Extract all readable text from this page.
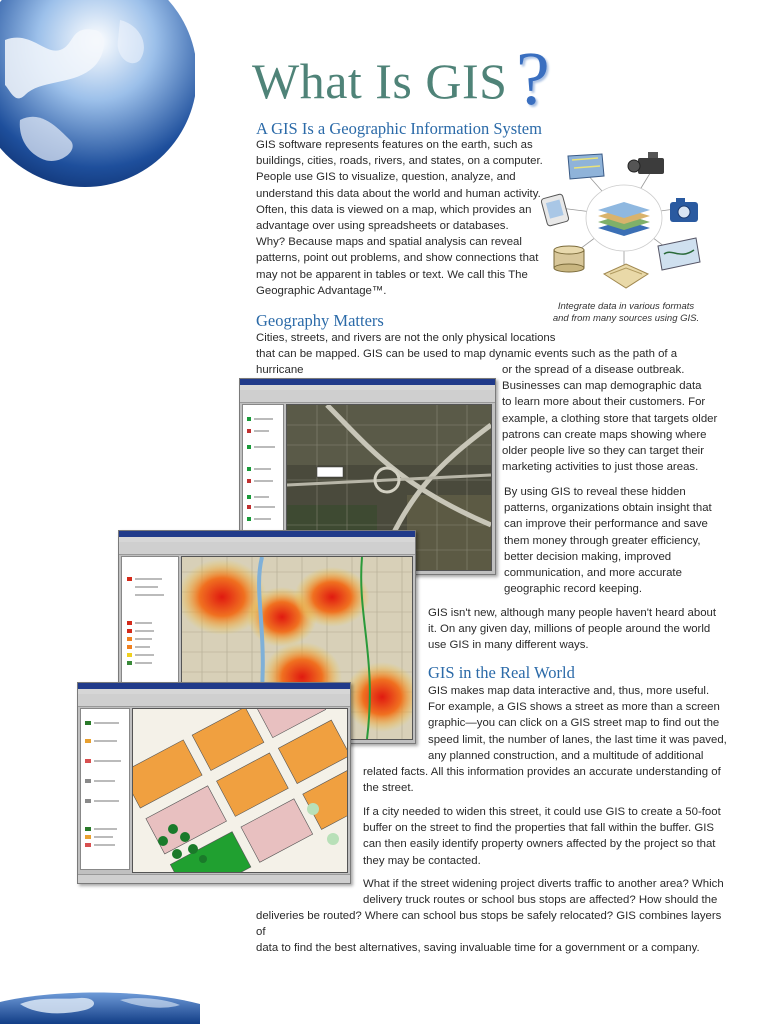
What Is GIS ?
A GIS Is a Geographic Information System

GIS software represents features on the earth, such as

buildings, cities, roads, rivers, and states, on a computer.

People use GIS to visualize, question, analyze, and

understand this data about the world and human activity.

Often, this data is viewed on a map, which provides an

advantage over using spreadsheets or databases.

Why? Because maps and spatial analysis can reveal

patterns, point out problems, and show connections that

may not be apparent in tables or text. We call this The

Geographic Advantage™.

Integrate data in various formats
and from many sources using GIS.
Geography Matters

Cities, streets, and rivers are not the only physical locations

that can be mapped. GIS can be used to map dynamic events such as the path of a hurricane	or the spread of a disease outbreak.

Businesses can map demographic data

to learn more about their customers. For

example, a clothing store that targets older

patrons can create maps showing where

older people live so they can target their

marketing activities to just those areas.

By using GIS to reveal these hidden

patterns, organizations obtain insight that

can improve their performance and save

them money through greater efficiency,

better decision making, improved

communication, and more accurate

geographic record keeping.

GIS isn't new, although many people haven't heard about

it. On any given day, millions of people around the world

use GIS in many different ways.

GIS in the Real World

GIS makes map data interactive and, thus, more useful.

For example, a GIS shows a street as more than a screen

graphic—you can click on a GIS street map to find out the

speed limit, the number of lanes, the last time it was paved,

any planned construction, and a multitude of additional

related facts. All this information provides an accurate understanding of

the street.

If a city needed to widen this street, it could use GIS to create a 50-foot

buffer on the street to find the properties that fall within the buffer. GIS

can then easily identify property owners affected by the project so that

they may be contacted.

What if the street widening project diverts traffic to another area? Which

delivery truck routes or school bus stops are affected? How should the

deliveries be routed? Where can school bus stops be safely relocated? GIS combines layers of

data to find the best alternatives, saving invaluable time for a government or a company.
